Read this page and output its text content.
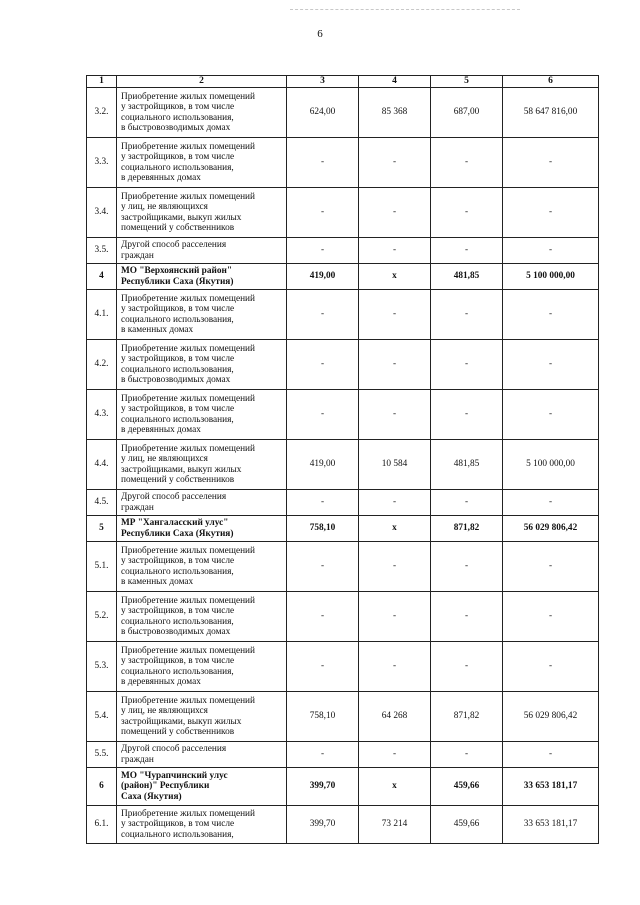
6
1	2	3	4	5	6
3.2.	Приобретение жилых помещений
у застройщиков, в том числе
социального использования,
в быстровозводимых домах	624,00	85 368	687,00	58 647 816,00
3.3.	Приобретение жилых помещений
у застройщиков, в том числе
социального использования,
в деревянных домах	-	-	-	-
3.4.	Приобретение жилых помещений
у лиц, не являющихся
застройщиками, выкуп жилых
помещений у собственников	-	-	-	-
3.5.	Другой способ расселения
граждан	-	-	-	-
4	МО "Верхоянский район"
Республики Саха (Якутия)	419,00	х	481,85	5 100 000,00
4.1.	Приобретение жилых помещений
у застройщиков, в том числе
социального использования,
в каменных домах	-	-	-	-
4.2.	Приобретение жилых помещений
у застройщиков, в том числе
социального использования,
в быстровозводимых домах	-	-	-	-
4.3.	Приобретение жилых помещений
у застройщиков, в том числе
социального использования,
в деревянных домах	-	-	-	-
4.4.	Приобретение жилых помещений
у лиц, не являющихся
застройщиками, выкуп жилых
помещений у собственников	419,00	10 584	481,85	5 100 000,00
4.5.	Другой способ расселения
граждан	-	-	-	-
5	МР "Хангаласский улус"
Республики Саха (Якутия)	758,10	х	871,82	56 029 806,42
5.1.	Приобретение жилых помещений
у застройщиков, в том числе
социального использования,
в каменных домах	-	-	-	-
5.2.	Приобретение жилых помещений
у застройщиков, в том числе
социального использования,
в быстровозводимых домах	-	-	-	-
5.3.	Приобретение жилых помещений
у застройщиков, в том числе
социального использования,
в деревянных домах	-	-	-	-
5.4.	Приобретение жилых помещений
у лиц, не являющихся
застройщиками, выкуп жилых
помещений у собственников	758,10	64 268	871,82	56 029 806,42
5.5.	Другой способ расселения
граждан	-	-	-	-
6	МО "Чурапчинский улус
(район)" Республики
Саха (Якутия)	399,70	х	459,66	33 653 181,17
6.1.	Приобретение жилых помещений
у застройщиков, в том числе
социального использования,	399,70	73 214	459,66	33 653 181,17
